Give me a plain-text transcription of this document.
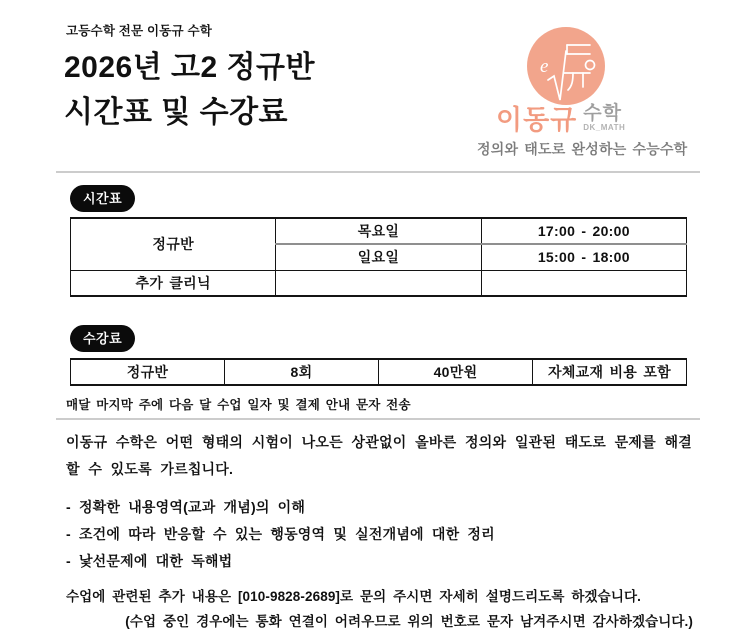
고등수학 전문 이동규 수학
2026년 고2 정규반
시간표 및 수강료
e
이동규 수학
DK_MATH
정의와 태도로 완성하는 수능수학
시간표
정규반	목요일	17:00 - 20:00
	일요일	15:00 - 18:00
추가 클리닉		
수강료
정규반	8회	40만원	자체교재 비용 포함
매달 마지막 주에 다음 달 수업 일자 및 결제 안내 문자 전송
이동규 수학은 어떤 형태의 시험이 나오든 상관없이 올바른 정의와 일관된 태도로 문제를 해결할 수 있도록 가르칩니다.
- 정확한 내용영역(교과 개념)의 이해
- 조건에 따라 반응할 수 있는 행동영역 및 실전개념에 대한 정리
- 낯선문제에 대한 독해법
수업에 관련된 추가 내용은 [010-9828-2689]로 문의 주시면 자세히 설명드리도록 하겠습니다.
(수업 중인 경우에는 통화 연결이 어려우므로 위의 번호로 문자 남겨주시면 감사하겠습니다.)
